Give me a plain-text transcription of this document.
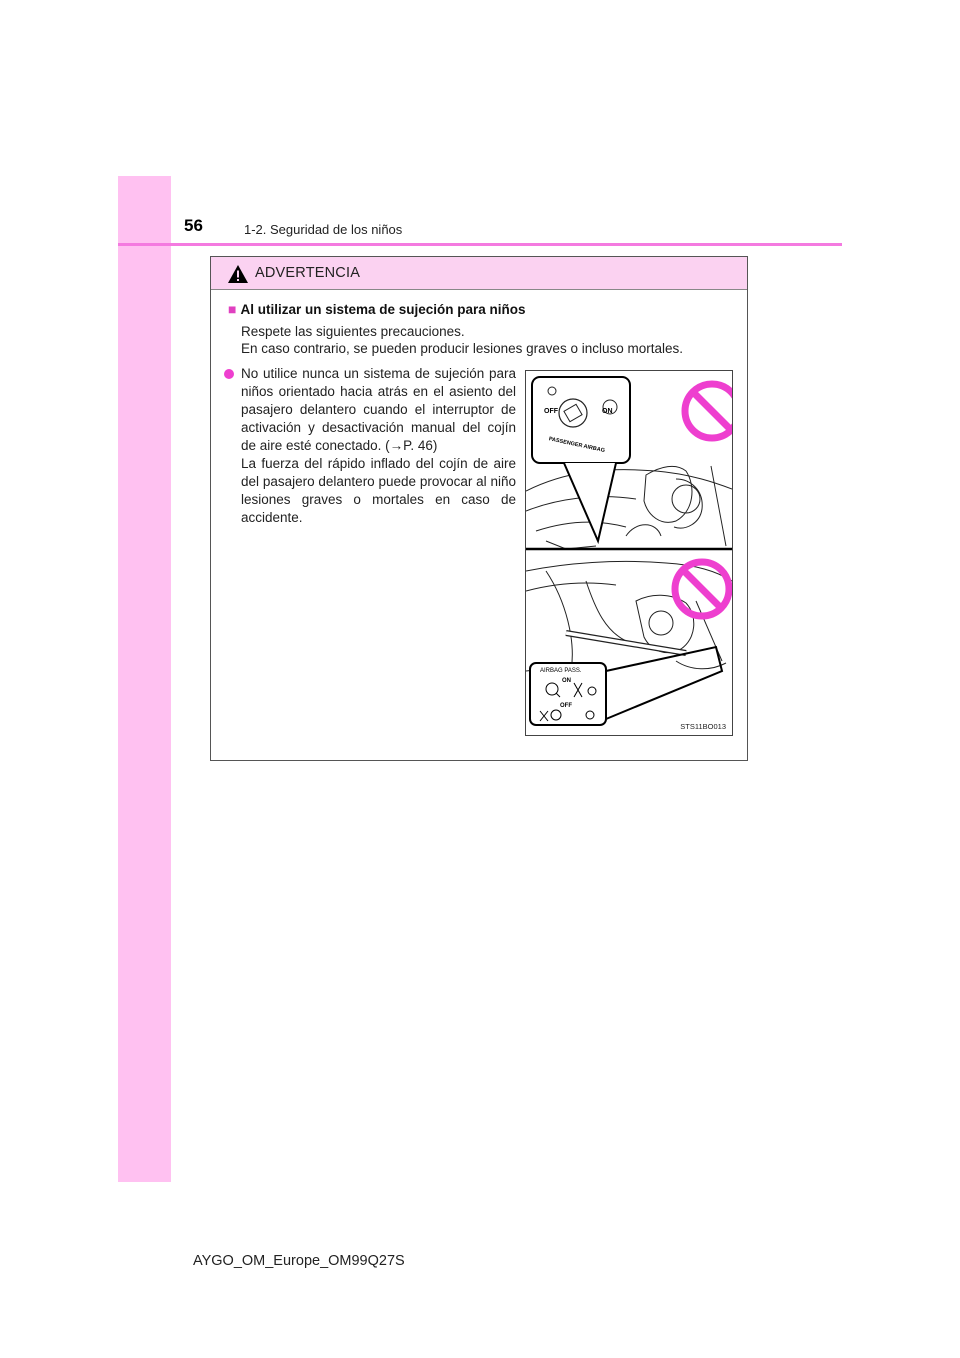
56	1-2. Seguridad de los niños
ADVERTENCIA
■ Al utilizar un sistema de sujeción para niños

Respete las siguientes precauciones.

En caso contrario, se pueden producir lesiones graves o incluso mortales.

No utilice nunca un sistema de sujeción para niños orientado hacia atrás en el asiento del pasajero delantero cuando el interruptor de activación y desactivación manual del cojín de aire esté conectado. (→P. 46)

La fuerza del rápido inflado del cojín de aire del pasajero delantero puede provocar al niño lesiones graves o mortales en caso de accidente.

OFF	ON
PASSENGER AIRBAG
AIRBAG PASS.
ON
OFF
STS11BO013
AYGO_OM_Europe_OM99Q27S
